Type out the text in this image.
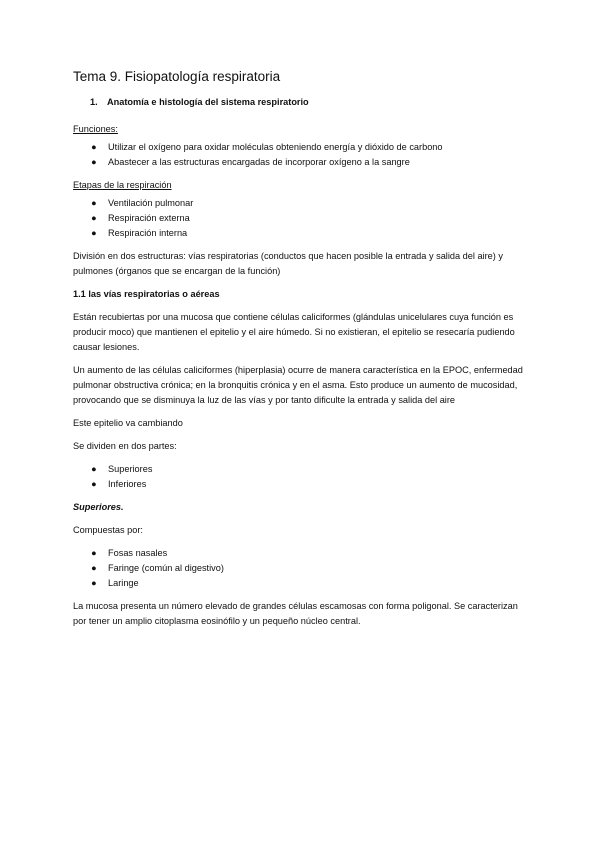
Tema 9. Fisiopatología respiratoria
1. Anatomía e histología del sistema respiratorio
Funciones:
● Utilizar el oxígeno para oxidar moléculas obteniendo energía y dióxido de carbono
● Abastecer a las estructuras encargadas de incorporar oxígeno a la sangre
Etapas de la respiración
● Ventilación pulmonar
● Respiración externa
● Respiración interna

División en dos estructuras: vías respiratorias (conductos que hacen posible la entrada y salida del aire) y pulmones (órganos que se encargan de la función)

1.1 las vías respiratorias o aéreas

Están recubiertas por una mucosa que contiene células caliciformes (glándulas unicelulares cuya función es producir moco) que mantienen el epitelio y el aire húmedo. Si no existieran, el epitelio se resecaría pudiendo causar lesiones.

Un aumento de las células caliciformes (hiperplasia) ocurre de manera característica en la EPOC, enfermedad pulmonar obstructiva crónica; en la bronquitis crónica y en el asma. Esto produce un aumento de mucosidad, provocando que se disminuya la luz de las vías y por tanto dificulte la entrada y salida del aire

Este epitelio va cambiando

Se dividen en dos partes:

● Superiores
● Inferiores
Superiores.

Compuestas por:

● Fosas nasales
● Faringe (común al digestivo)
● Laringe

La mucosa presenta un número elevado de grandes células escamosas con forma poligonal. Se caracterizan por tener un amplio citoplasma eosinófilo y un pequeño núcleo central.
